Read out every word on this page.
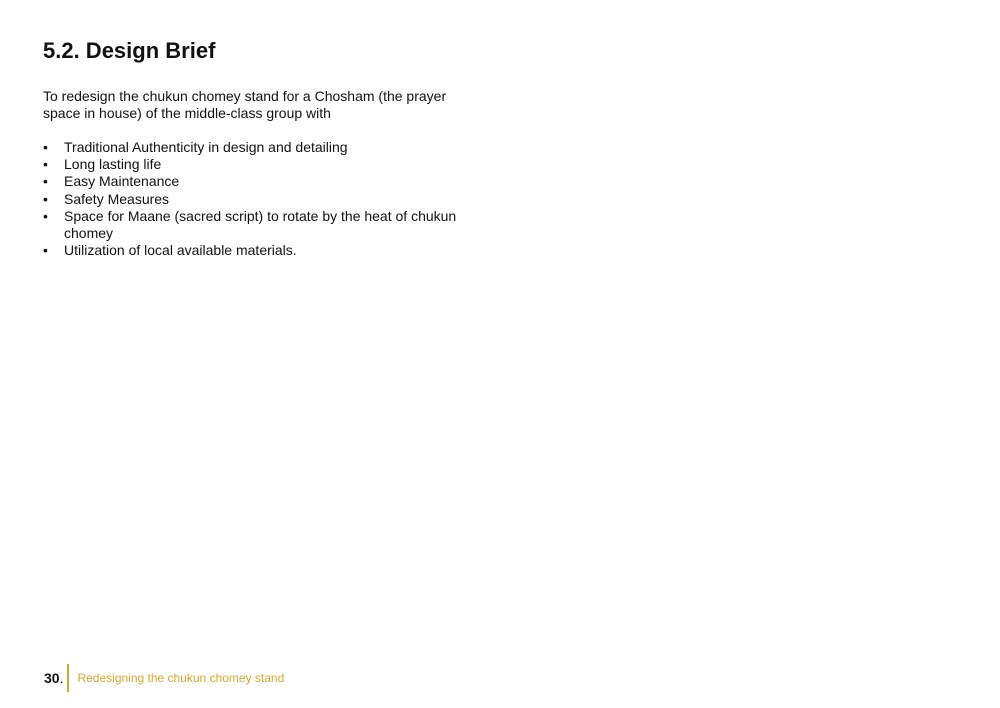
5.2. Design Brief

To redesign the chukun chomey stand for a Chosham (the prayer space in house) of the middle-class group with

• Traditional Authenticity in design and detailing
• Long lasting life
• Easy Maintenance
• Safety Measures
• Space for Maane (sacred script) to rotate by the heat of chukun chomey
• Utilization of local available materials.
30 . Redesigning the chukun chomey stand
